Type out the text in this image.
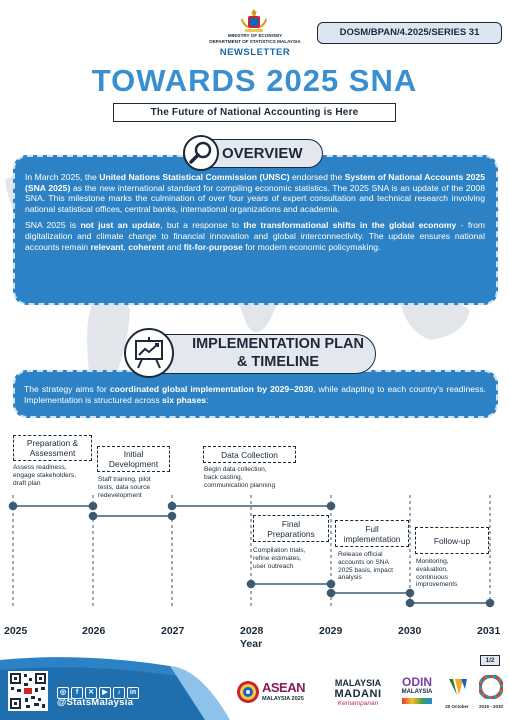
MINISTRY OF ECONOMY
DEPARTMENT OF STATISTICS MALAYSIA
NEWSLETTER
DOSM/BPAN/4.2025/SERIES 31
TOWARDS 2025 SNA
The Future of National Accounting is Here
OVERVIEW

In March 2025, the United Nations Statistical Commission (UNSC) endorsed the System of National Accounts 2025 (SNA 2025) as the new international standard for compiling economic statistics. The 2025 SNA is an update of the 2008 SNA. This milestone marks the culmination of over four years of expert consultation and technical research involving national statistical offices, central banks, international organizations and academia.

SNA 2025 is not just an update, but a response to the transformational shifts in the global economy - from digitalization and climate change to financial innovation and global interconnectivity. The update ensures national accounts remain relevant, coherent and fit-for-purpose for modern economic policymaking.

IMPLEMENTATION PLAN
& TIMELINE
The strategy aims for coordinated global implementation by 2029–2030, while adapting to each country's readiness. Implementation is structured across six phases:
Preparation &
Assessment
Assess readiness,
engage stakeholders,
draft plan
Initial
Development
Staff training, pilot
tests, data source
redevelopment
Data Collection
Begin data collection,
back casting,
communication planning
Final
Preparations
Compilation trials,
refine estimates,
user outreach
Full
implementation
Release official
accounts on SNA
2025 basis, impact
analysis
Follow-up
Monitoring,
evaluation,
continuous
improvements
2025	2026	2027	2028	2029	2030	2031
Year
1/2
◎ f ✕ ▶ ♪ in
@StatsMalaysia
ASEAN
MALAYSIA 2025
MALAYSIA
MADANI
Kemampanan
ODIN
MALAYSIA
20 October	2016 - 2030
